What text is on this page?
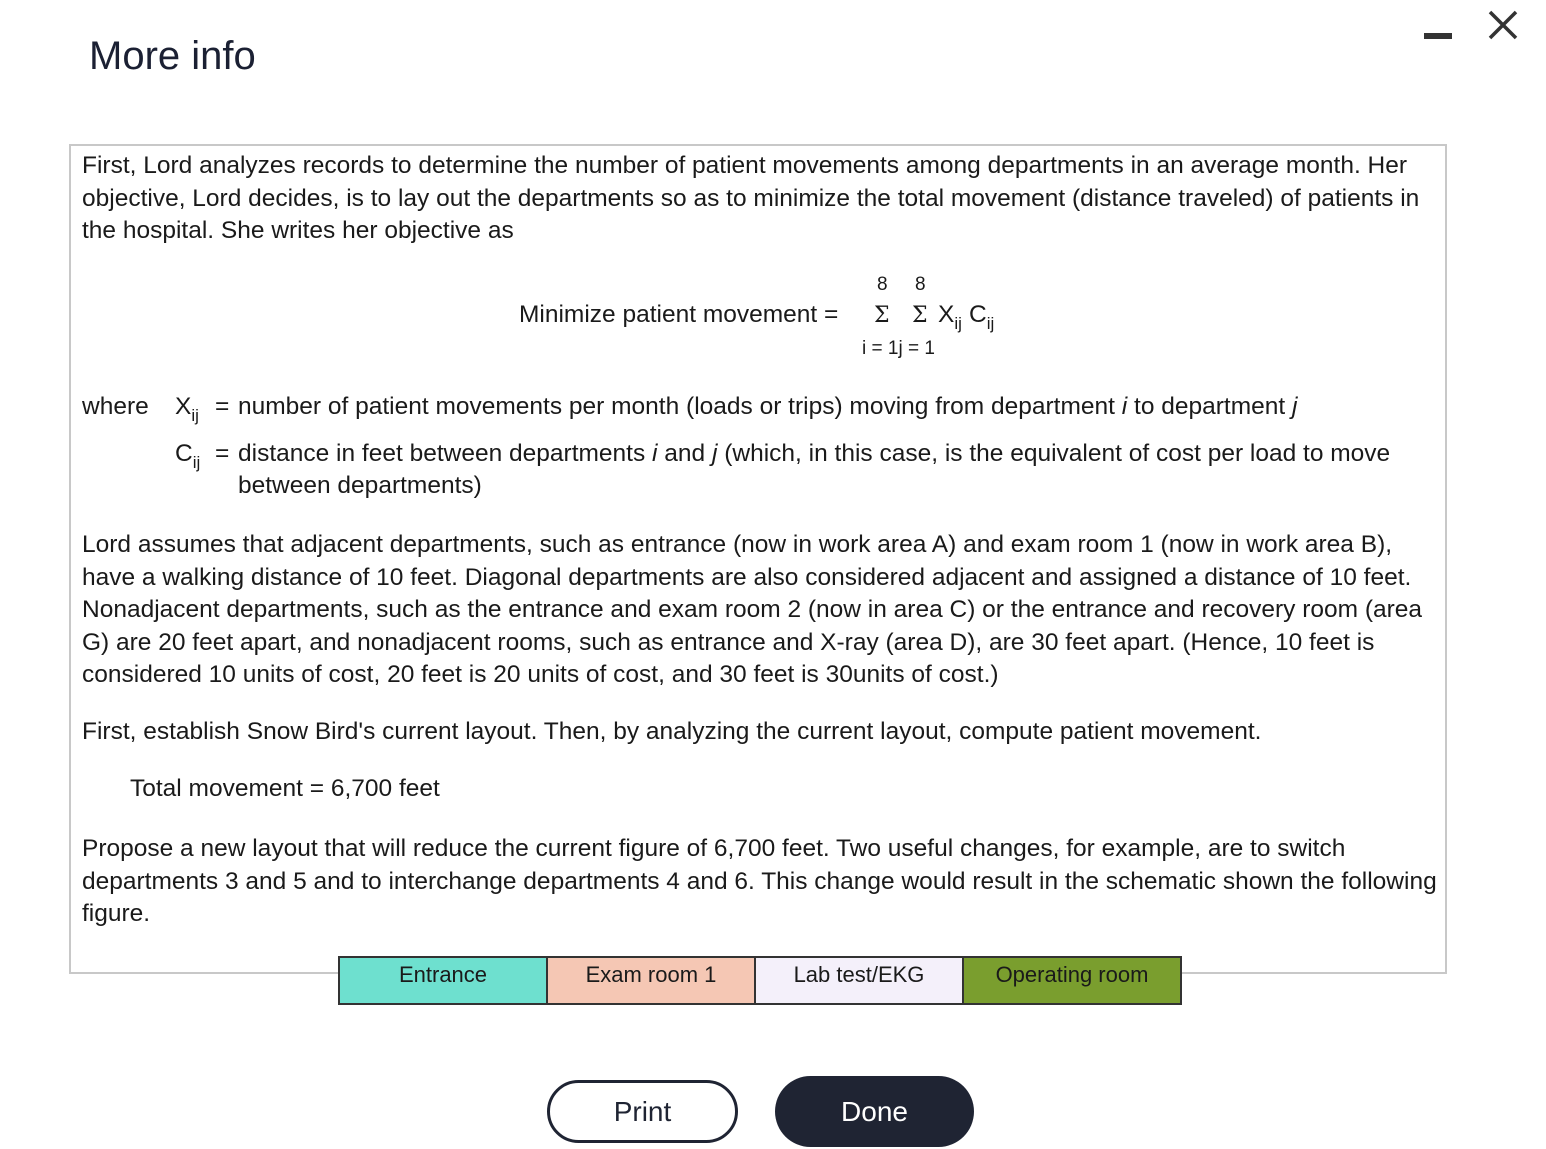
More info

First, Lord analyzes records to determine the number of patient movements among departments in an average month. Her objective, Lord decides, is to lay out the departments so as to minimize the total movement (distance traveled) of patients in the hospital. She writes her objective as

Minimize patient movement =
8 8
Σ Σ $X_{ij}$ $C_{ij}$
i = 1j = 1
where $X_{ij}$ = number of patient movements per month (loads or trips) moving from department i to department j
$C_{ij}$ = distance in feet between departments i and j (which, in this case, is the equivalent of cost per load to move between departments)

Lord assumes that adjacent departments, such as entrance (now in work area A) and exam room 1 (now in work area B), have a walking distance of 10 feet. Diagonal departments are also considered adjacent and assigned a distance of 10 feet. Nonadjacent departments, such as the entrance and exam room 2 (now in area C) or the entrance and recovery room (area G) are 20 feet apart, and nonadjacent rooms, such as entrance and X-ray (area D), are 30 feet apart. (Hence, 10 feet is considered 10 units of cost, 20 feet is 20 units of cost, and 30 feet is 30units of cost.)

First, establish Snow Bird's current layout. Then, by analyzing the current layout, compute patient movement.

Total movement = 6,700 feet

Propose a new layout that will reduce the current figure of 6,700 feet. Two useful changes, for example, are to switch departments 3 and 5 and to interchange departments 4 and 6. This change would result in the schematic shown the following figure.

Entrance	Exam room 1	Lab test/EKG	Operating room
Print	Done
